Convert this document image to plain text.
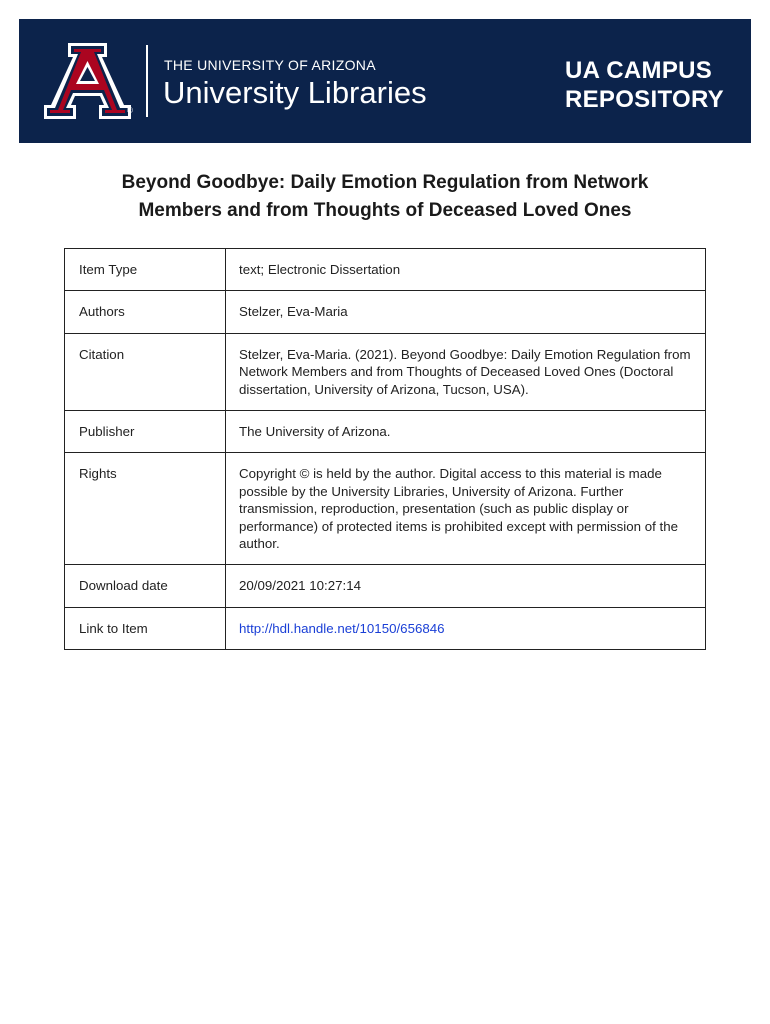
®
THE UNIVERSITY OF ARIZONA
University Libraries
UA CAMPUS
REPOSITORY
Beyond Goodbye: Daily Emotion Regulation from Network
Members and from Thoughts of Deceased Loved Ones
Item Type	text; Electronic Dissertation
Authors	Stelzer, Eva-Maria
Citation	Stelzer, Eva-Maria. (2021). Beyond Goodbye: Daily Emotion Regulation from Network Members and from Thoughts of Deceased Loved Ones (Doctoral dissertation, University of Arizona, Tucson, USA).
Publisher	The University of Arizona.
Rights	Copyright © is held by the author. Digital access to this material is made possible by the University Libraries, University of Arizona. Further transmission, reproduction, presentation (such as public display or performance) of protected items is prohibited except with permission of the author.
Download date	20/09/2021 10:27:14
Link to Item	http://hdl.handle.net/10150/656846
